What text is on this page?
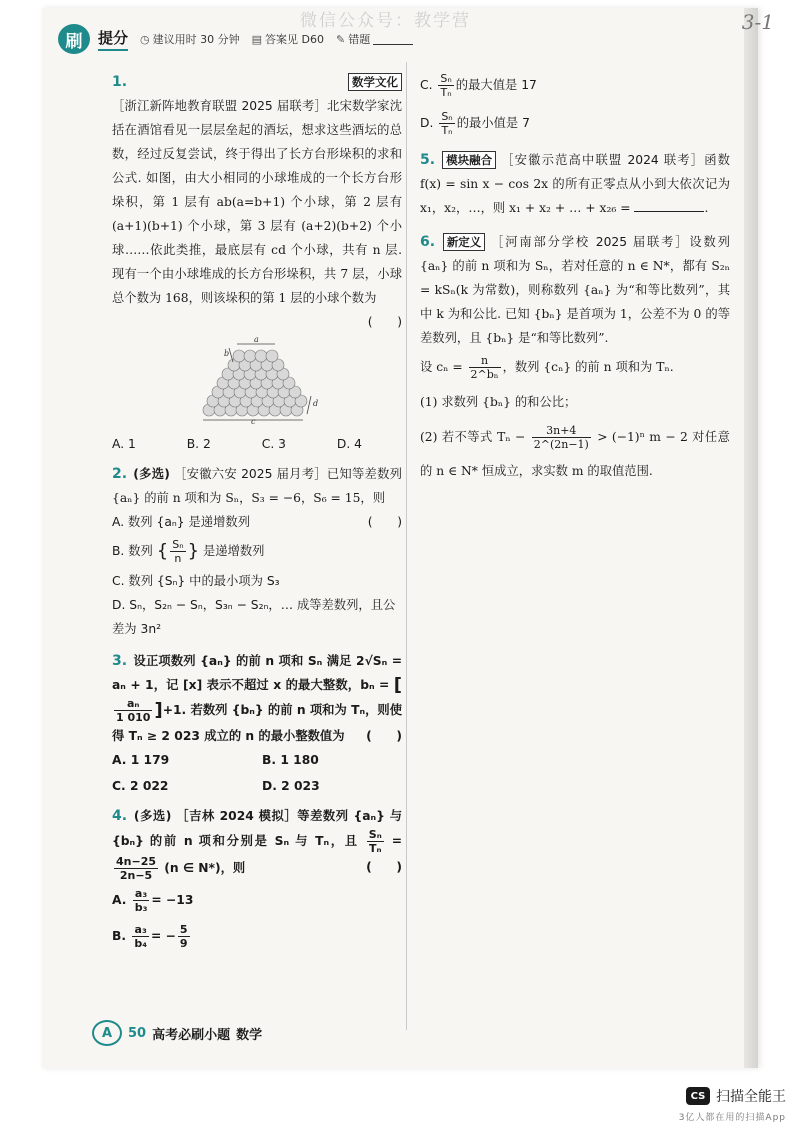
微信公众号：教学营	3-1
刷	提分 ◷ 建议用时 30 分钟 ▤ 答案见 D60 ✎ 错题
1.	数学文化 ［浙江新阵地教育联盟 2025 届联考］北宋数学家沈括在酒馆看见一层层垒起的酒坛，想求这些酒坛的总数，经过反复尝试，终于得出了长方台形垛积的求和公式. 如图，由大小相同的小球堆成的一个长方台形垛积，第 1 层有 ab(a=b+1) 个小球，第 2 层有 (a+1)(b+1) 个小球，第 3 层有 (a+2)(b+2) 个小球……依此类推，最底层有 cd 个小球，共有 n 层. 现有一个由小球堆成的长方台形垛积，共 7 层，小球总个数为 168，则该垛积的第 1 层的小球个数为
(　　)
a
b
c
d
A. 1	B. 2	C. 3	D. 4
2. (多选) ［安徽六安 2025 届月考］已知等差数列 {aₙ} 的前 n 项和为 Sₙ，S₃ = −6，S₆ = 15，则
(　　)
A. 数列 {aₙ} 是递增数列
B. 数列 { $\frac{\text{Sₙ}}{n}$ } 是递增数列
C. 数列 {Sₙ} 中的最小项为 S₃
D. Sₙ，S₂ₙ − Sₙ，S₃ₙ − S₂ₙ，… 成等差数列，且公差为 3n²
3. 设正项数列 {aₙ} 的前 n 项和 Sₙ 满足 2√Sₙ = aₙ + 1，记 [x] 表示不超过 x 的最大整数，bₙ = [
$\frac{\text{aₙ}}{1 010} ]+1$. 若数列 {bₙ} 的前 n 项和为 Tₙ，则使得 Tₙ ≥ 2 023 成立的 n 的最小整数值为 (　　)
A. 1 179	B. 1 180
C. 2 022	D. 2 023
4. (多选) ［吉林 2024 模拟］等差数列 {aₙ} 与 {bₙ} 的前 n 项和分别是 Sₙ 与 Tₙ，且 $\frac{\text{Sₙ}}{\text{Tₙ}}$ =
$\frac{4n-25}{2n-5} (n$ ∈ N*)，则	(　　)
A. $\frac{\text{a₃}}{\text{b₃}} = -13$
B. $\frac{\text{a₃}}{\text{b₄}}$ = − $\frac{5}{9}$
C. $\frac{\text{Sₙ}}{\text{Tₙ}}$ 的最大值是 17
D. $\frac{\text{Sₙ}}{\text{Tₙ}}$ 的最小值是 7
5. 模块融合 ［安徽示范高中联盟 2024 联考］函数 f(x) = sin x − cos 2x 的所有正零点从小到大依次记为 x₁，x₂，…，则 x₁ + x₂ + … + x₂₆ =	.
6. 新定义 ［河南部分学校 2025 届联考］设数列 {aₙ} 的前 n 项和为 Sₙ，若对任意的 n ∈ N*，都有 S₂ₙ = kSₙ(k 为常数)，则称数列 {aₙ} 为“和等比数列”，其中 k 为和公比. 已知 {bₙ} 是首项为 1，公差不为 0 的等差数列，且 {bₙ} 是“和等比数列”.
设 $c_n = \frac{n}{\text{2\textasciicircum{}bₙ}}$ ，数列 {cₙ} 的前 n 项和为 Tₙ.
(1) 求数列 {bₙ} 的和公比；
(2) 若不等式 $T_n - \frac{3n+4}{2\^{}(2n-1)} > (-1)^n$ m − 2 对任意的 n ∈ N* 恒成立，求实数 m 的取值范围.
A	50 高考必刷小题 数学
CS 扫描全能王
3亿人都在用的扫描App
